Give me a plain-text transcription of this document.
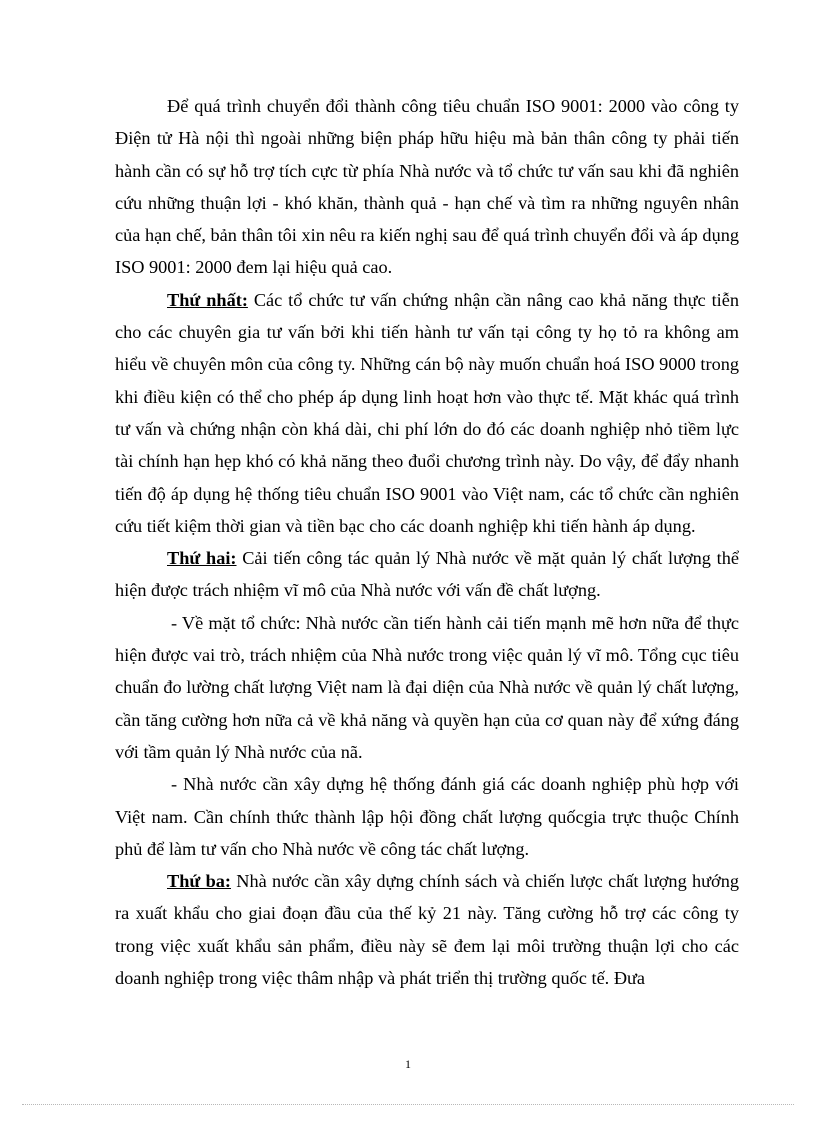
Để quá trình chuyển đổi thành công tiêu chuẩn ISO 9001: 2000 vào công ty Điện tử Hà nội thì ngoài những biện pháp hữu hiệu mà bản thân công ty phải tiến hành cần có sự hỗ trợ tích cực từ phía Nhà nước và tổ chức tư vấn sau khi đã nghiên cứu những thuận lợi - khó khăn, thành quả - hạn chế và tìm ra những nguyên nhân của hạn chế, bản thân tôi xin nêu ra kiến nghị sau để quá trình chuyển đổi và áp dụng ISO 9001: 2000 đem lại hiệu quả cao.

Thứ nhất: Các tổ chức tư vấn chứng nhận cần nâng cao khả năng thực tiễn cho các chuyên gia tư vấn bởi khi tiến hành tư vấn tại công ty họ tỏ ra không am hiểu về chuyên môn của công ty. Những cán bộ này muốn chuẩn hoá ISO 9000 trong khi điều kiện có thể cho phép áp dụng linh hoạt hơn vào thực tế. Mặt khác quá trình tư vấn và chứng nhận còn khá dài, chi phí lớn do đó các doanh nghiệp nhỏ tiềm lực tài chính hạn hẹp khó có khả năng theo đuổi chương trình này. Do vậy, để đẩy nhanh tiến độ áp dụng hệ thống tiêu chuẩn ISO 9001 vào Việt nam, các tổ chức cần nghiên cứu tiết kiệm thời gian và tiền bạc cho các doanh nghiệp khi tiến hành áp dụng.

Thứ hai: Cải tiến công tác quản lý Nhà nước về mặt quản lý chất lượng thể hiện được trách nhiệm vĩ mô của Nhà nước với vấn đề chất lượng.

- Về mặt tổ chức: Nhà nước cần tiến hành cải tiến mạnh mẽ hơn nữa để thực hiện được vai trò, trách nhiệm của Nhà nước trong việc quản lý vĩ mô. Tổng cục tiêu chuẩn đo lường chất lượng Việt nam là đại diện của Nhà nước về quản lý chất lượng, cần tăng cường hơn nữa cả về khả năng và quyền hạn của cơ quan này để xứng đáng với tầm quản lý Nhà nước của nã.

- Nhà nước cần xây dựng hệ thống đánh giá các doanh nghiệp phù hợp với Việt nam. Cần chính thức thành lập hội đồng chất lượng quốcgia trực thuộc Chính phủ để làm tư vấn cho Nhà nước về công tác chất lượng.

Thứ ba: Nhà nước cần xây dựng chính sách và chiến lược chất lượng hướng ra xuất khẩu cho giai đoạn đầu của thế kỷ 21 này. Tăng cường hỗ trợ các công ty trong việc xuất khẩu sản phẩm, điều này sẽ đem lại môi trường thuận lợi cho các doanh nghiệp trong việc thâm nhập và phát triển thị trường quốc tế. Đưa

1
